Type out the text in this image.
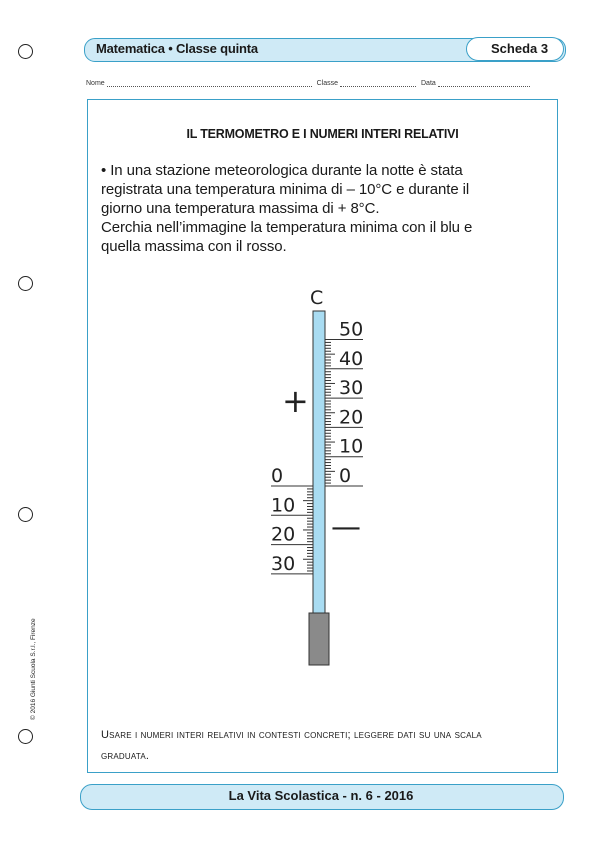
Matematica • Classe quinta	Scheda 3
Nome	Classe	Data
IL TERMOMETRO E I NUMERI INTERI RELATIVI
• In una stazione meteorologica durante la notte è stata
registrata una temperatura minima di – 10°C e durante il
giorno una temperatura massima di + 8°C.
Cerchia nell’immagine la temperatura minima con il blu e
quella massima con il rosso.
C
50
40
30
20
10
0
0
10
20
30
+
—
Usare i numeri interi relativi in contesti concreti; leggere dati su una scala
graduata.
© 2016 Giunti Scuola S.r.l., Firenze
La Vita Scolastica - n. 6 - 2016
